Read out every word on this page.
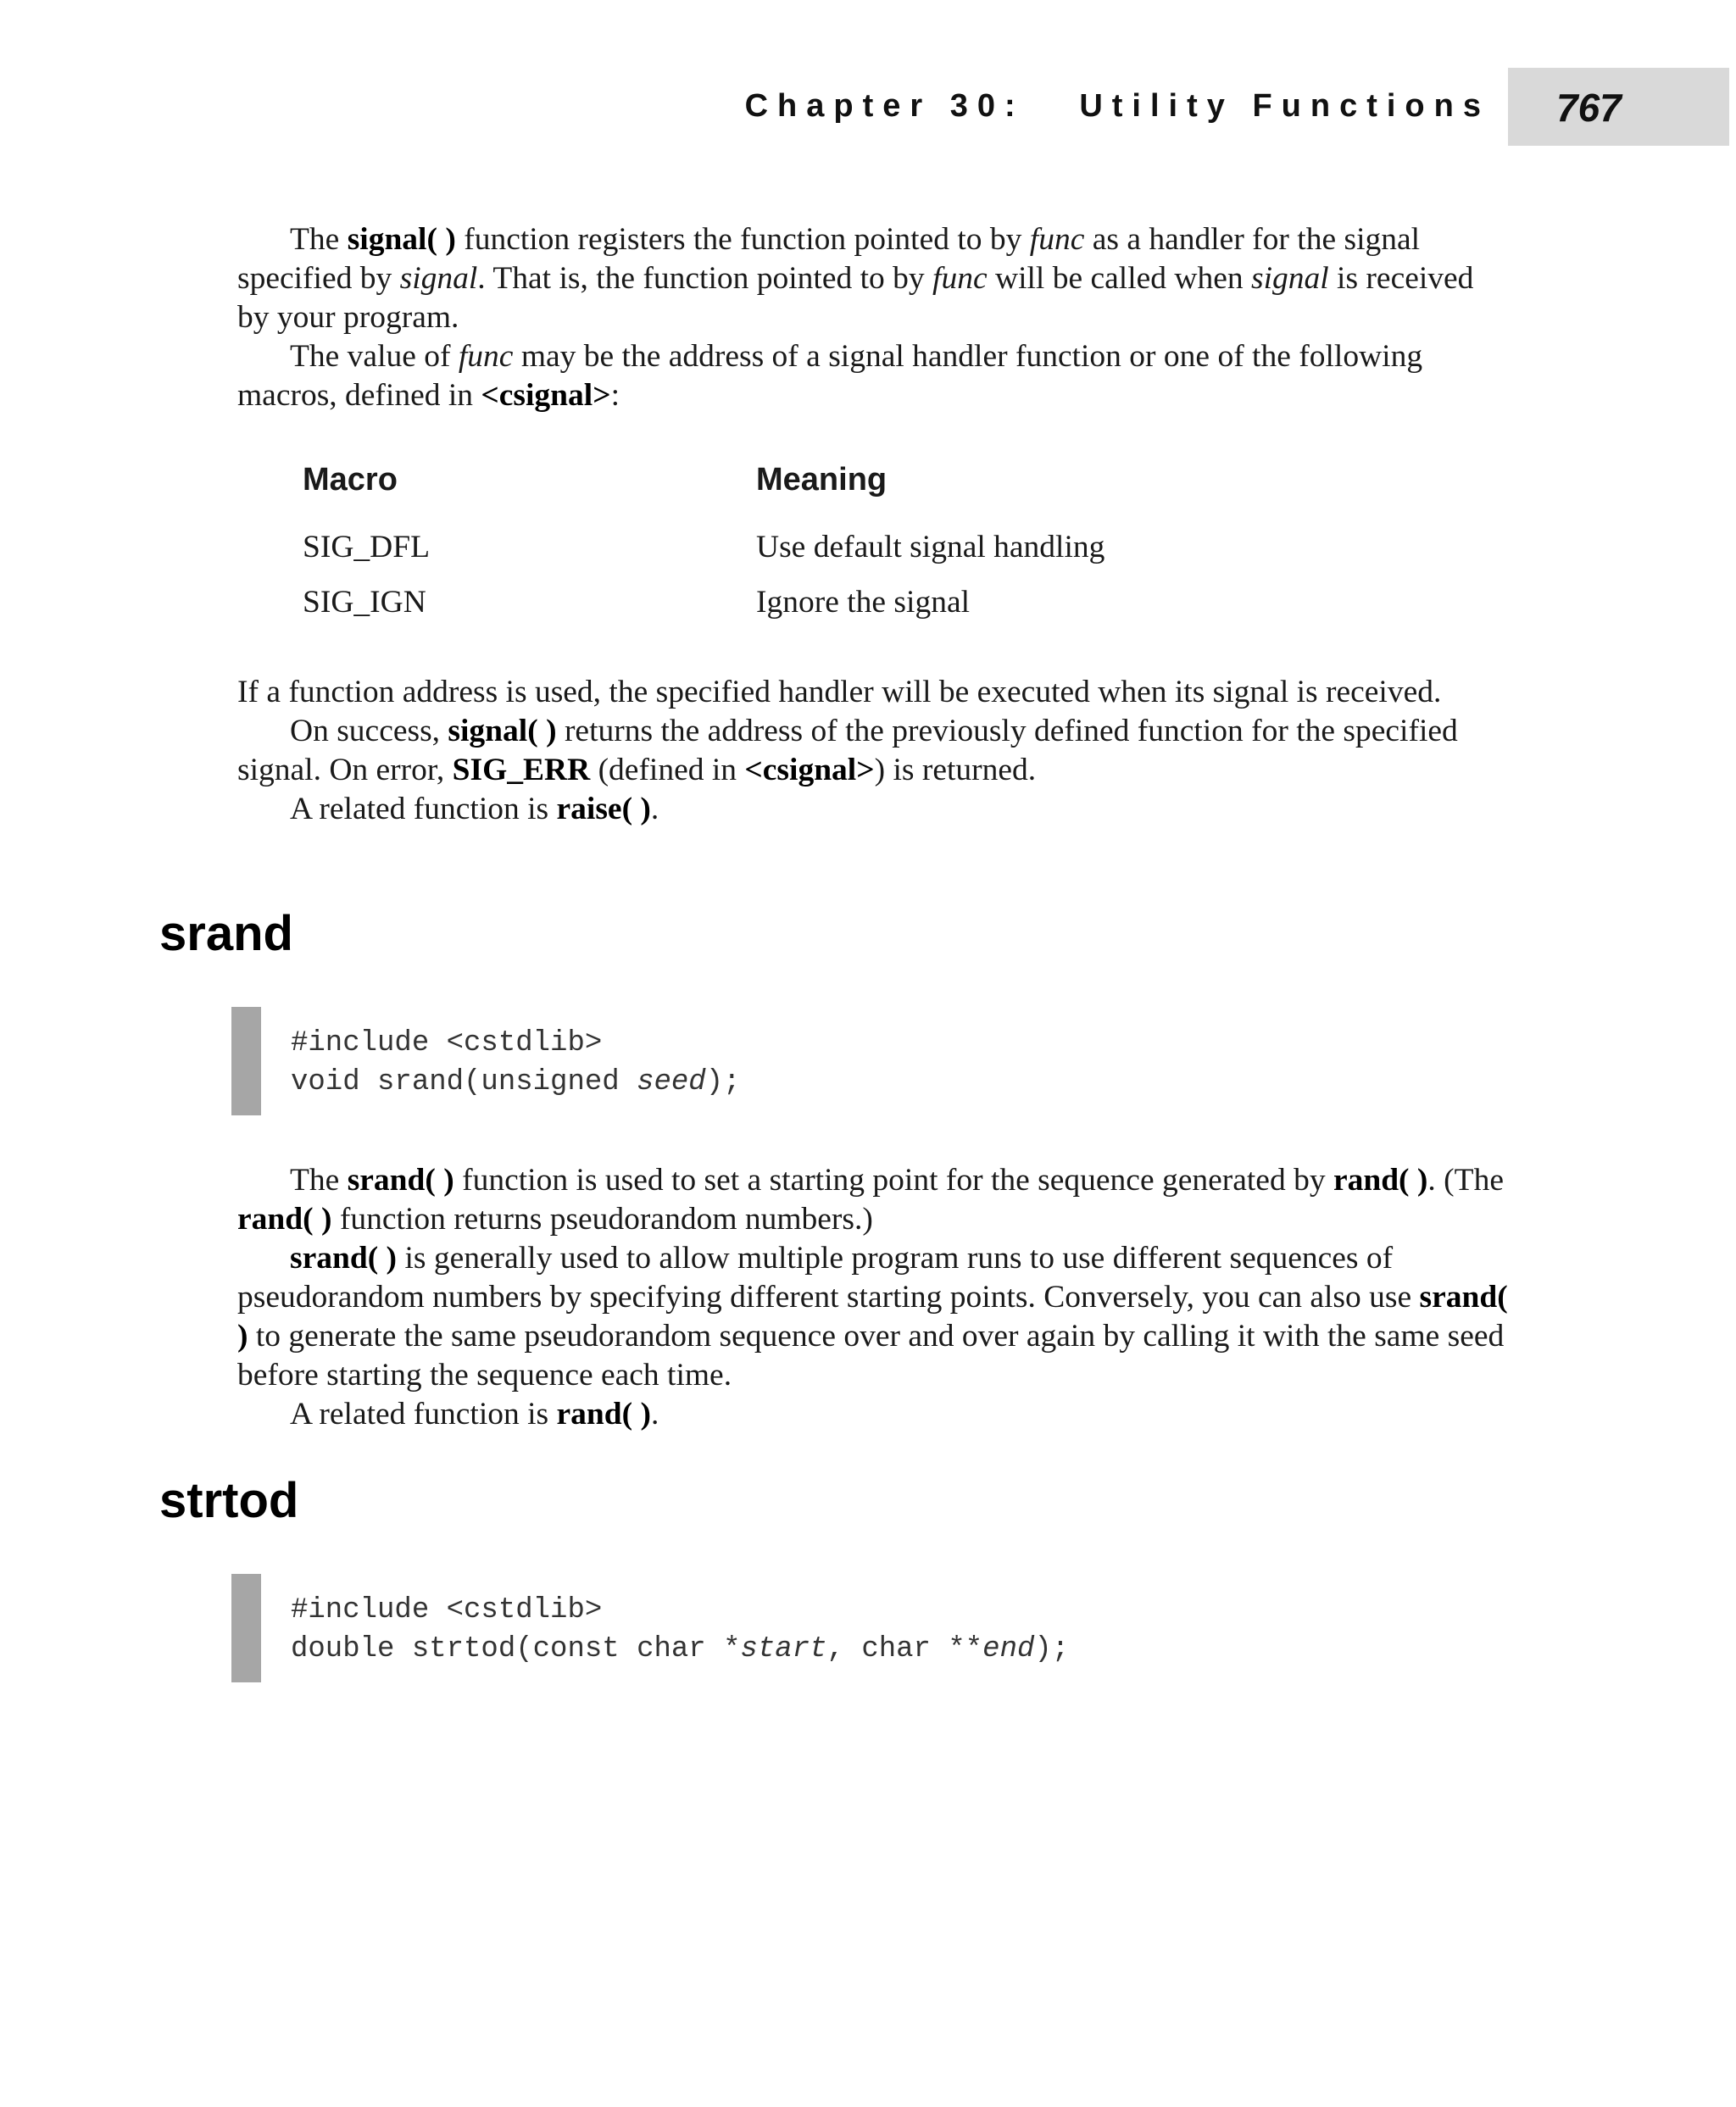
Chapter 30:   Utility Functions 767

The signal( ) function registers the function pointed to by func as a handler for the signal specified by signal. That is, the function pointed to by func will be called when signal is received by your program.

The value of func may be the address of a signal handler function or one of the following macros, defined in <csignal>:

Macro	Meaning
SIG_DFL	Use default signal handling
SIG_IGN	Ignore the signal

If a function address is used, the specified handler will be executed when its signal is received.

On success, signal( ) returns the address of the previously defined function for the specified signal. On error, SIG_ERR (defined in <csignal>) is returned.

A related function is raise( ).

srand
#include <cstdlib>
void srand(unsigned seed);

The srand( ) function is used to set a starting point for the sequence generated by rand( ). (The rand( ) function returns pseudorandom numbers.)

srand( ) is generally used to allow multiple program runs to use different sequences of pseudorandom numbers by specifying different starting points. Conversely, you can also use srand( ) to generate the same pseudorandom sequence over and over again by calling it with the same seed before starting the sequence each time.

A related function is rand( ).

strtod
#include <cstdlib>
double strtod(const char *start, char **end);
